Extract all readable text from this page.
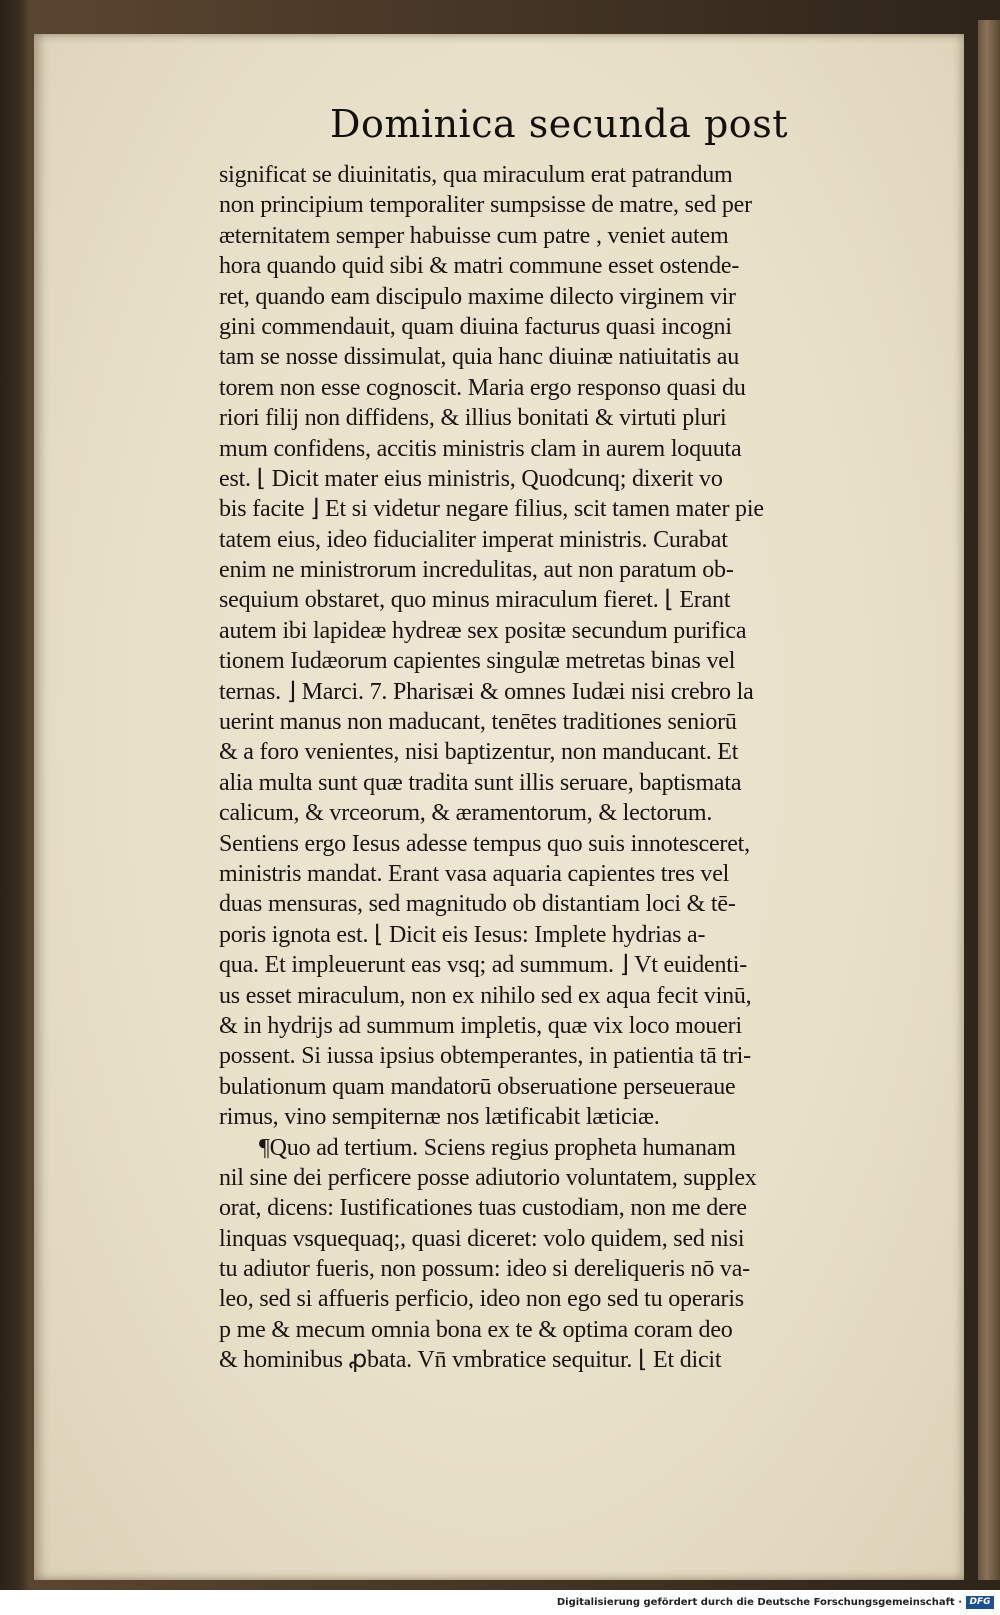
Dominica secunda post
significat se diuinitatis, qua miraculum erat patrandum
non principium temporaliter sumpsisse de matre, sed per
æternitatem semper habuisse cum patre , veniet autem
hora quando quid sibi & matri commune esset ostende-
ret, quando eam discipulo maxime dilecto virginem vir
gini commendauit, quam diuina facturus quasi incogni
tam se nosse dissimulat, quia hanc diuinæ natiuitatis au
torem non esse cognoscit. Maria ergo responso quasi du
riori filij non diffidens, & illius bonitati & virtuti pluri
mum confidens, accitis ministris clam in aurem loquuta
est. ⌊ Dicit mater eius ministris, Quodcunq; dixerit vo
bis facite ⌋ Et si videtur negare filius, scit tamen mater pie
tatem eius, ideo fiducialiter imperat ministris. Curabat
enim ne ministrorum incredulitas, aut non paratum ob-
sequium obstaret, quo minus miraculum fieret. ⌊ Erant
autem ibi lapideæ hydreæ sex positæ secundum purifica
tionem Iudæorum capientes singulæ metretas binas vel
ternas. ⌋ Marci. 7. Pharisæi & omnes Iudæi nisi crebro la
uerint manus non maducant, tenētes traditiones seniorū
& a foro venientes, nisi baptizentur, non manducant. Et
alia multa sunt quæ tradita sunt illis seruare, baptismata
calicum, & vrceorum, & æramentorum, & lectorum.
Sentiens ergo Iesus adesse tempus quo suis innotesceret,
ministris mandat. Erant vasa aquaria capientes tres vel
duas mensuras, sed magnitudo ob distantiam loci & tē-
poris ignota est. ⌊ Dicit eis Iesus: Implete hydrias a-
qua. Et impleuerunt eas vsq; ad summum. ⌋ Vt euidenti-
us esset miraculum, non ex nihilo sed ex aqua fecit vinū,
& in hydrijs ad summum impletis, quæ vix loco moueri
possent. Si iussa ipsius obtemperantes, in patientia tā tri-
bulationum quam mandatorū obseruatione perseueraue
rimus, vino sempiternæ nos lætificabit læticiæ.
¶Quo ad tertium. Sciens regius propheta humanam
nil sine dei perficere posse adiutorio voluntatem, supplex
orat, dicens: Iustificationes tuas custodiam, non me dere
linquas vsquequaq;, quasi diceret: volo quidem, sed nisi
tu adiutor fueris, non possum: ideo si dereliqueris nō va-
leo, sed si affueris perficio, ideo non ego sed tu operaris
p me & mecum omnia bona ex te & optima coram deo
& hominibus ꝓbata. Vn̄ vmbratice sequitur. ⌊ Et dicit
Digitalisierung gefördert durch die Deutsche Forschungsgemeinschaft · DFG
